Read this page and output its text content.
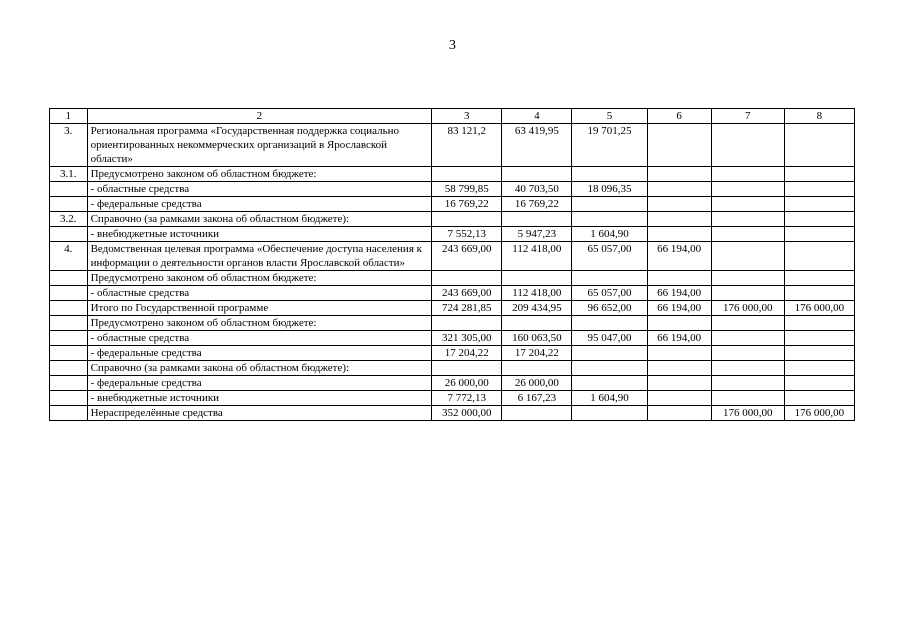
3
1	2	3	4	5	6	7	8
3.	Региональная программа «Государственная поддержка социально ориентированных некоммерческих организаций в Ярославской области»	83 121,2	63 419,95	19 701,25			
3.1.	Предусмотрено законом об областном бюджете:						
	- областные средства	58 799,85	40 703,50	18 096,35			
	- федеральные средства	16 769,22	16 769,22				
3.2.	Справочно (за рамками закона об областном бюджете):						
	- внебюджетные источники	7 552,13	5 947,23	1 604,90			
4.	Ведомственная целевая программа «Обеспечение доступа населения к информации о деятельности органов власти Ярославской области»	243 669,00	112 418,00	65 057,00	66 194,00		
	Предусмотрено законом об областном бюджете:						
	- областные средства	243 669,00	112 418,00	65 057,00	66 194,00		
	Итого по Государственной программе	724 281,85	209 434,95	96 652,00	66 194,00	176 000,00	176 000,00
	Предусмотрено законом об областном бюджете:						
	- областные средства	321 305,00	160 063,50	95 047,00	66 194,00		
	- федеральные средства	17 204,22	17 204,22				
	Справочно (за рамками закона об областном бюджете):						
	- федеральные средства	26 000,00	26 000,00				
	- внебюджетные источники	7 772,13	6 167,23	1 604,90			
	Нераспределённые средства	352 000,00				176 000,00	176 000,00
